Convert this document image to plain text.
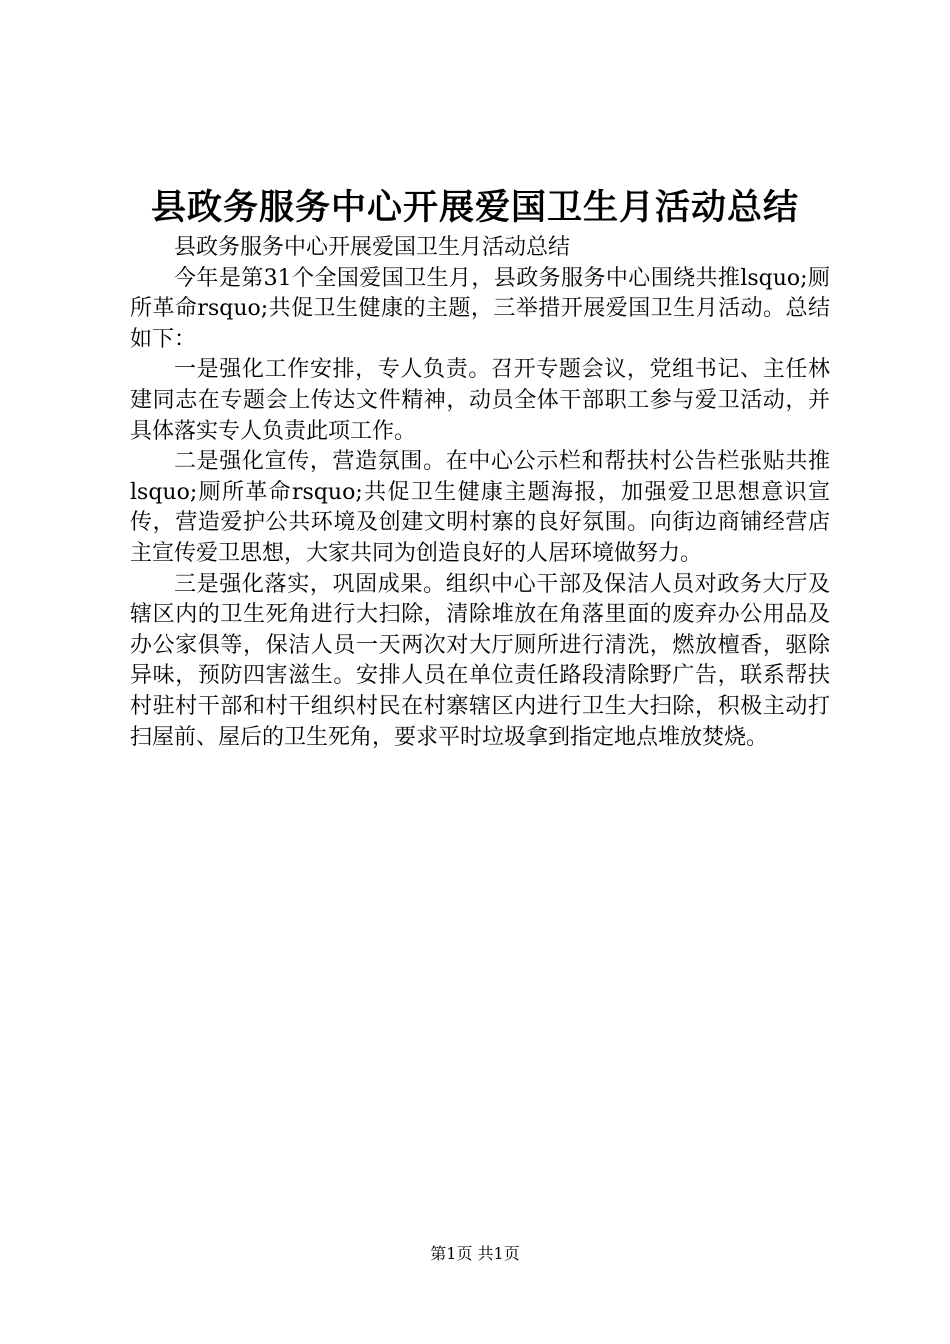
县政务服务中心开展爱国卫生月活动总结

县政务服务中心开展爱国卫生月活动总结

今年是第31个全国爱国卫生月，县政务服务中心围绕共推lsquo;厕所革命rsquo;共促卫生健康的主题，三举措开展爱国卫生月活动。总结如下：

一是强化工作安排，专人负责。召开专题会议，党组书记、主任林建同志在专题会上传达文件精神，动员全体干部职工参与爱卫活动，并具体落实专人负责此项工作。

二是强化宣传，营造氛围。在中心公示栏和帮扶村公告栏张贴共推lsquo;厕所革命rsquo;共促卫生健康主题海报，加强爱卫思想意识宣传，营造爱护公共环境及创建文明村寨的良好氛围。向街边商铺经营店主宣传爱卫思想，大家共同为创造良好的人居环境做努力。

三是强化落实，巩固成果。组织中心干部及保洁人员对政务大厅及辖区内的卫生死角进行大扫除，清除堆放在角落里面的废弃办公用品及办公家俱等，保洁人员一天两次对大厅厕所进行清洗，燃放檀香，驱除异味，预防四害滋生。安排人员在单位责任路段清除野广告，联系帮扶村驻村干部和村干组织村民在村寨辖区内进行卫生大扫除，积极主动打扫屋前、屋后的卫生死角，要求平时垃圾拿到指定地点堆放焚烧。

第1页 共1页
